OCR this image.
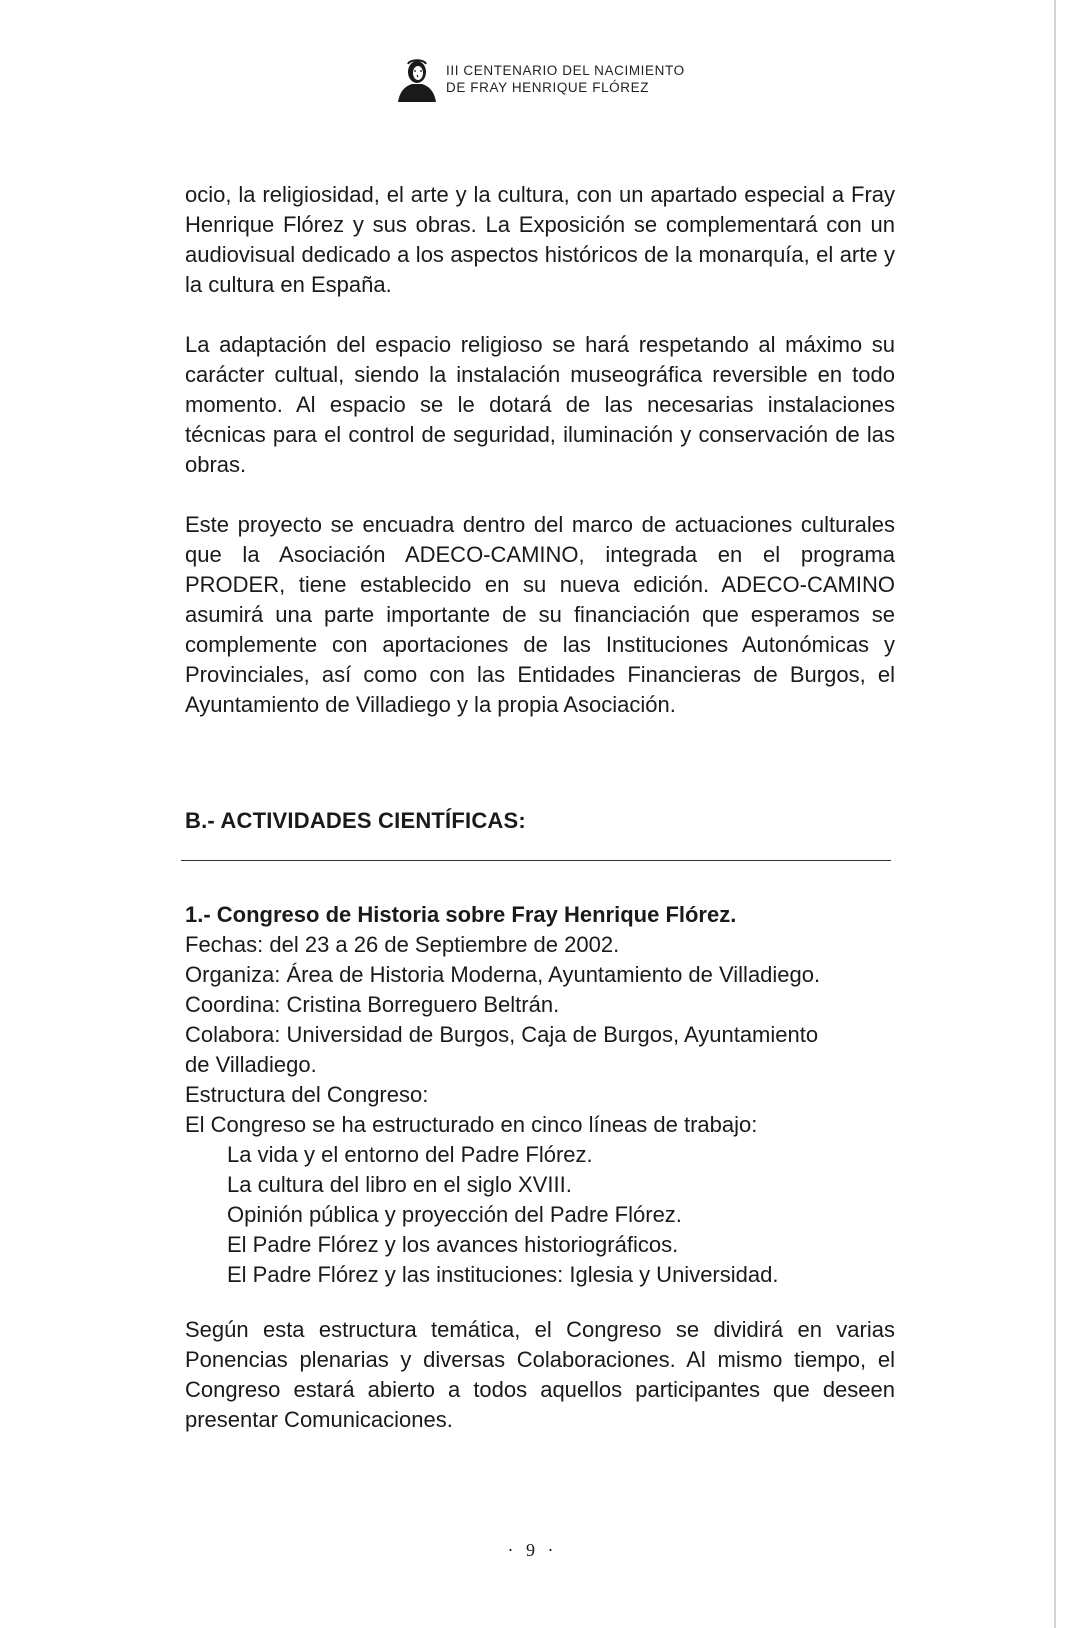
III CENTENARIO DEL NACIMIENTO
DE FRAY HENRIQUE FLÓREZ

ocio, la religiosidad, el arte y la cultura, con un apartado especial a Fray Henrique Flórez y sus obras. La Exposición se complementará con un audiovisual dedicado a los aspectos históricos de la monarquía, el arte y la cultura en España.

La adaptación del espacio religioso se hará respetando al máximo su carácter cultual, siendo la instalación museográfica reversible en todo momento. Al espacio se le dotará de las necesarias instalaciones técnicas para el control de seguridad, iluminación y conservación de las obras.

Este proyecto se encuadra dentro del marco de actuaciones culturales que la Asociación ADECO-CAMINO, integrada en el programa PRODER, tiene establecido en su nueva edición. ADECO-CAMINO asumirá una parte importante de su financiación que esperamos se complemente con aportaciones de las Instituciones Autonómicas y Provinciales, así como con las Entidades Financieras de Burgos, el Ayuntamiento de Villadiego y la propia Asociación.

B.- ACTIVIDADES CIENTÍFICAS:
1.- Congreso de Historia sobre Fray Henrique Flórez.
Fechas: del 23 a 26 de Septiembre de 2002.
Organiza: Área de Historia Moderna, Ayuntamiento de Villadiego.
Coordina: Cristina Borreguero Beltrán.
Colabora: Universidad de Burgos, Caja de Burgos, Ayuntamiento
de Villadiego.
Estructura del Congreso:
El Congreso se ha estructurado en cinco líneas de trabajo:
La vida y el entorno del Padre Flórez.
La cultura del libro en el siglo XVIII.
Opinión pública y proyección del Padre Flórez.
El Padre Flórez y los avances historiográficos.
El Padre Flórez y las instituciones: Iglesia y Universidad.

Según esta estructura temática, el Congreso se dividirá en varias Ponencias plenarias y diversas Colaboraciones. Al mismo tiempo, el Congreso estará abierto a todos aquellos participantes que deseen presentar Comunicaciones.

· 9 ·
